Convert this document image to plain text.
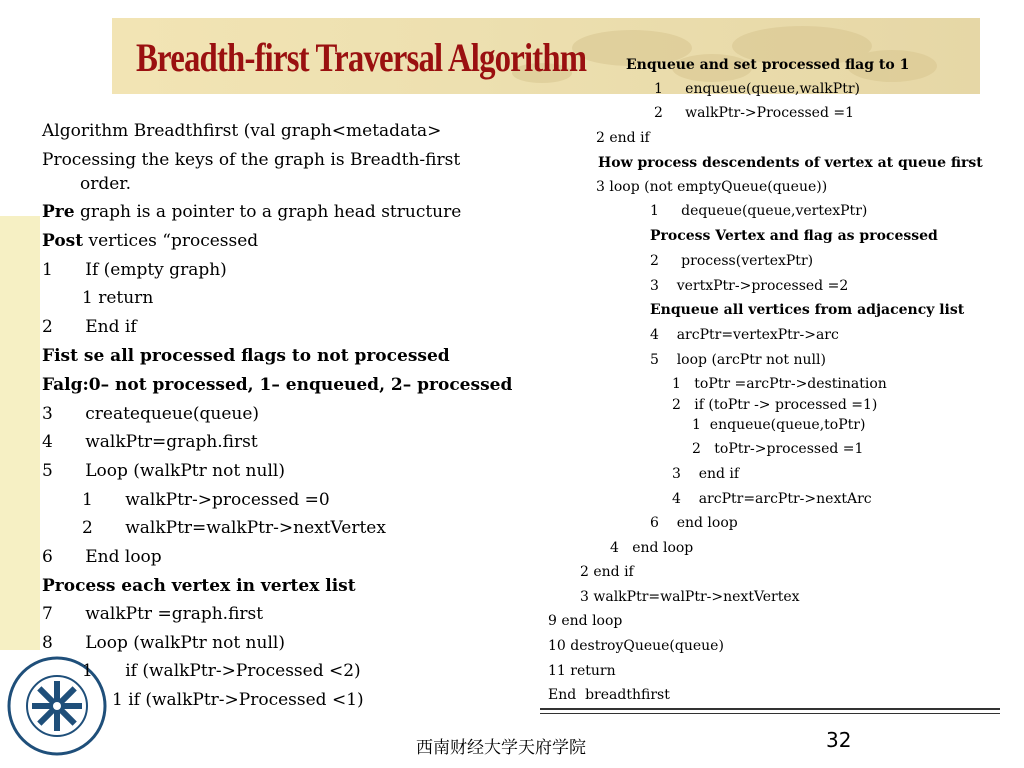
Breadth-first Traversal Algorithm
Algorithm Breadthfirst (val graph<metadata>
Processing the keys of the graph is Breadth-first
order.
Pre graph is a pointer to a graph head structure
Post vertices “processed
1      If (empty graph)
1 return
2      End if
Fist se all processed flags to not processed
Falg:0– not processed, 1– enqueued, 2– processed
3      createqueue(queue)
4      walkPtr=graph.first
5      Loop (walkPtr not null)
1      walkPtr->processed =0
2      walkPtr=walkPtr->nextVertex
6      End loop
Process each vertex in vertex list
7      walkPtr =graph.first
8      Loop (walkPtr not null)
1      if (walkPtr->Processed <2)
1 if (walkPtr->Processed <1)
Enqueue and set processed flag to 1
1     enqueue(queue,walkPtr)
2     walkPtr->Processed =1
2 end if
How process descendents of vertex at queue first
3 loop (not emptyQueue(queue))
1     dequeue(queue,vertexPtr)
Process Vertex and flag as processed
2     process(vertexPtr)
3    vertxPtr->processed =2
Enqueue all vertices from adjacency list
4    arcPtr=vertexPtr->arc
5    loop (arcPtr not null)
1   toPtr =arcPtr->destination
2   if (toPtr -> processed =1)
1  enqueue(queue,toPtr)
2   toPtr->processed =1
3    end if
4    arcPtr=arcPtr->nextArc
6    end loop
4   end loop
2 end if
3 walkPtr=walPtr->nextVertex
9 end loop
10 destroyQueue(queue)
11 return
End  breadthfirst
西南财经大学天府学院	32
